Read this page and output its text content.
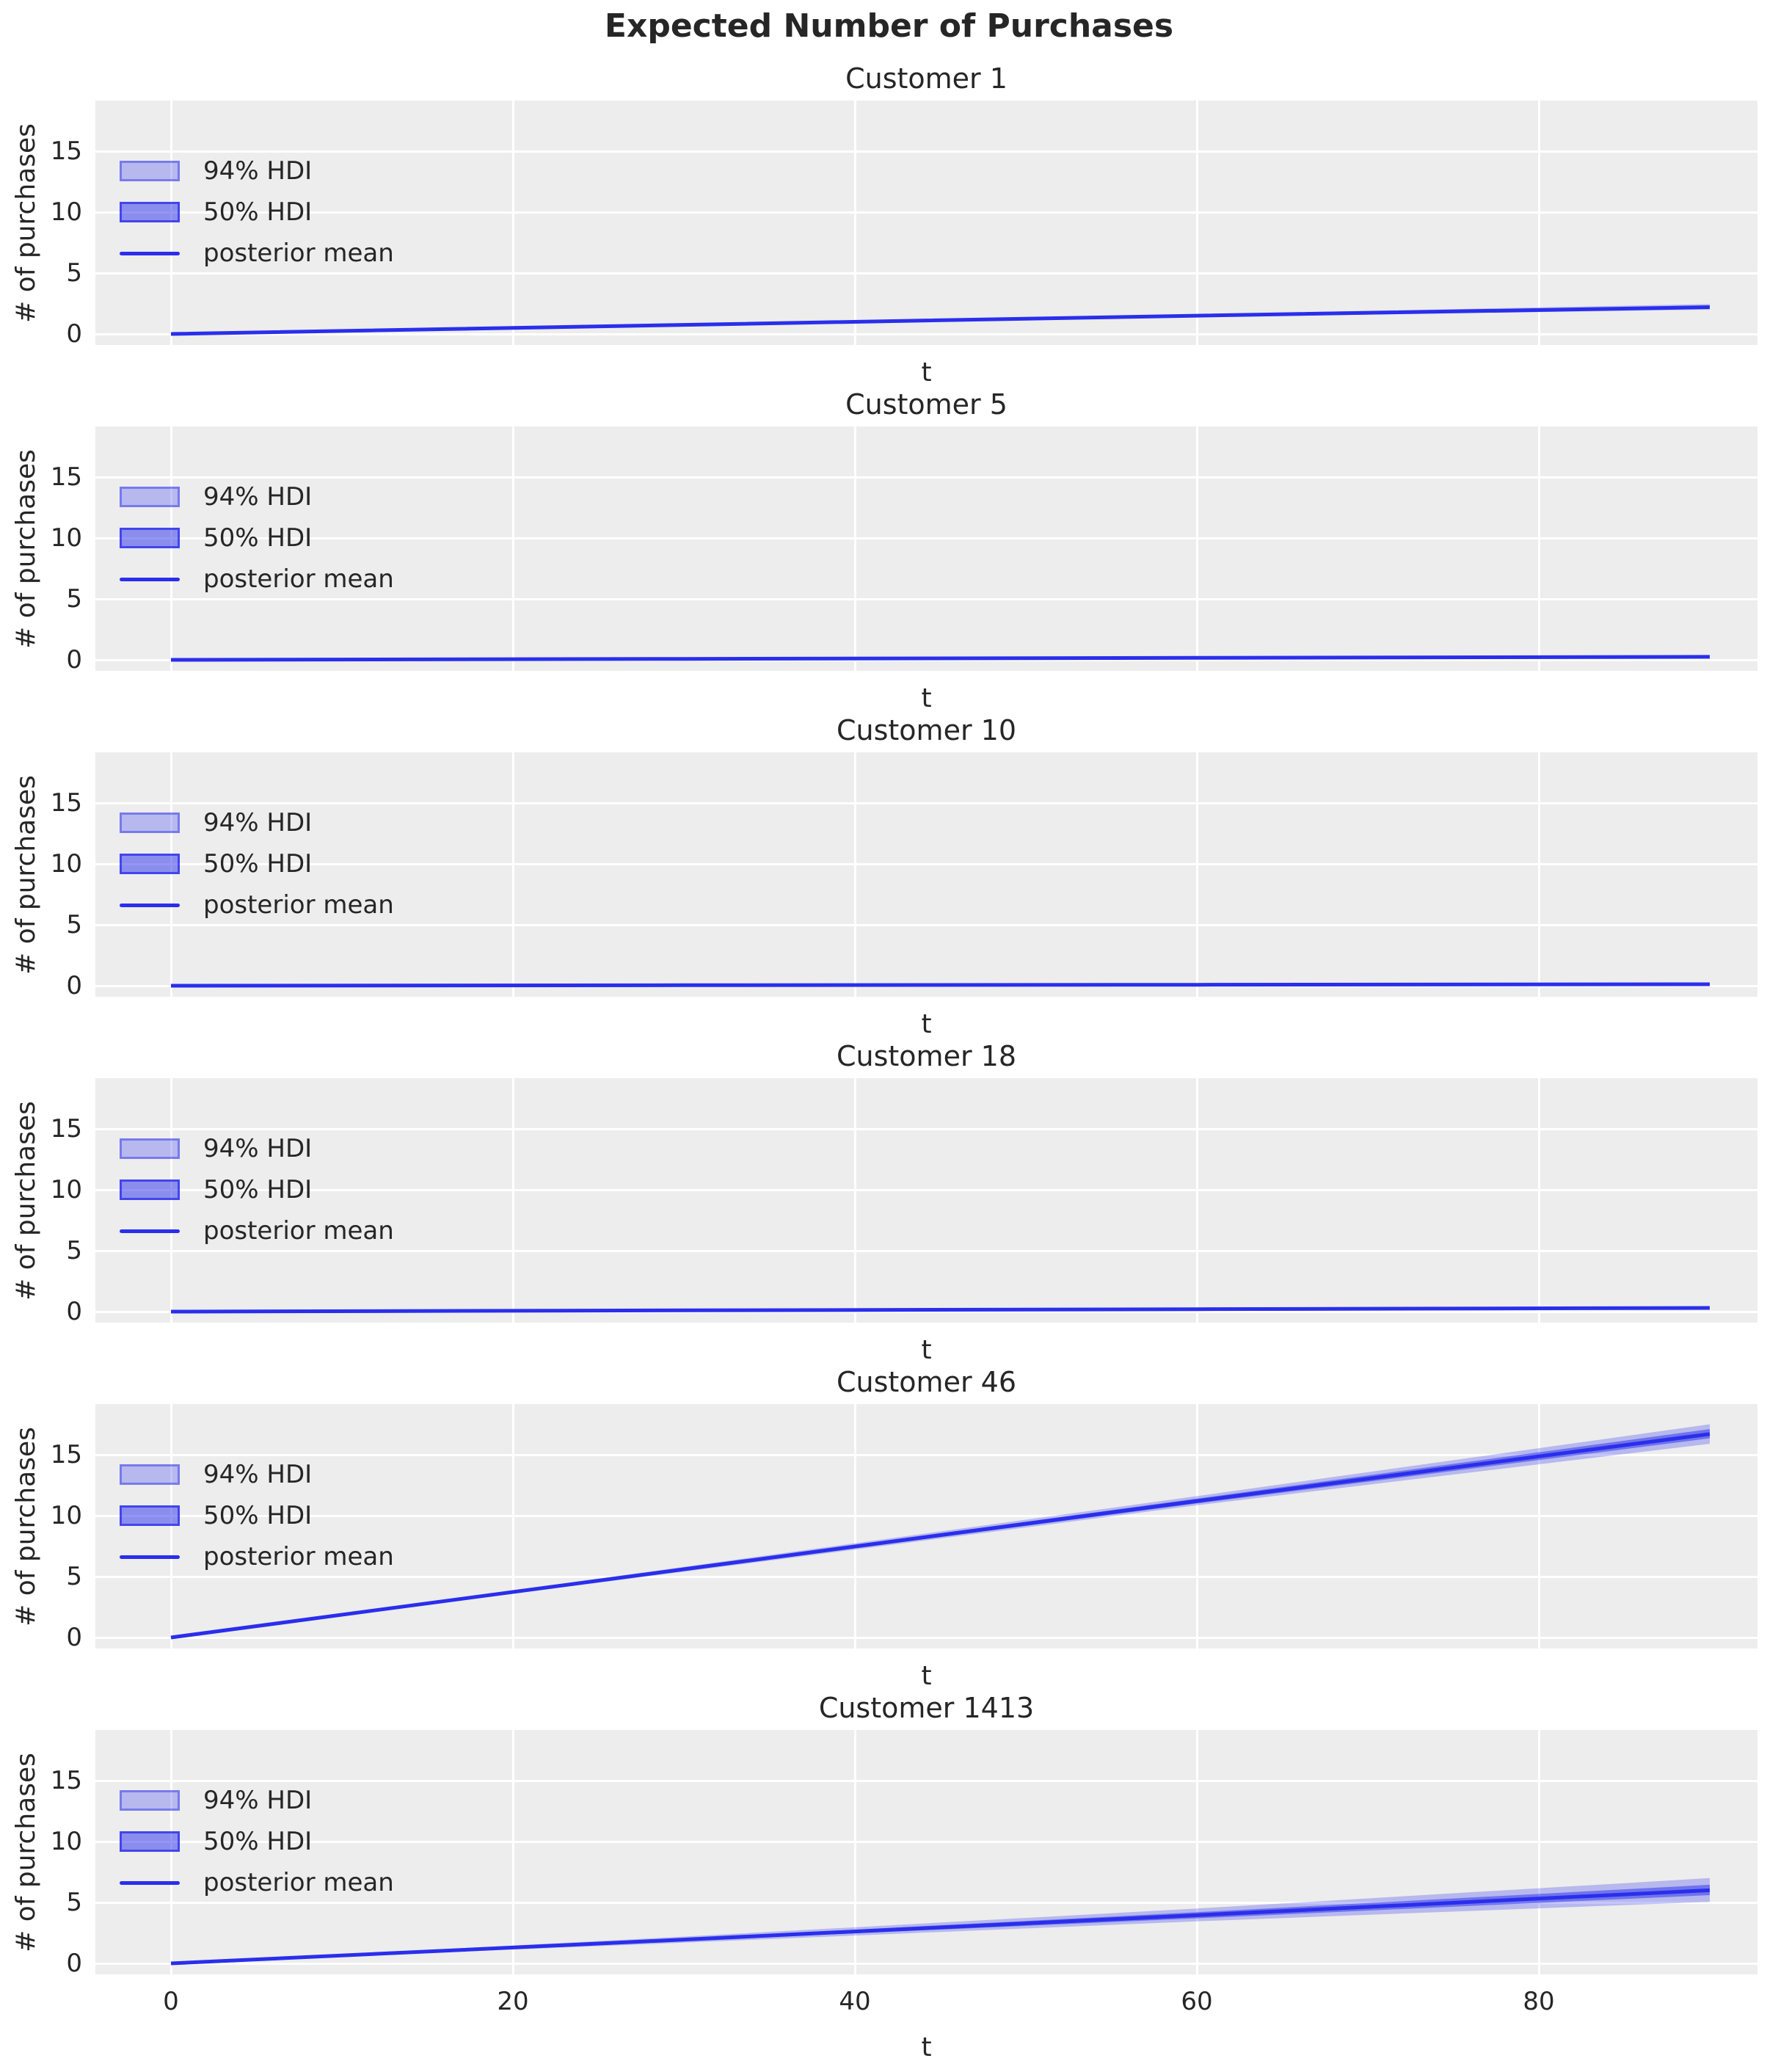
Expected Number of Purchases
Customer 1
# of purchases	94% HDI
50% HDI
posterior mean
t
0
5
10
15
Customer 5
# of purchases	94% HDI
50% HDI
posterior mean
t
0
5
10
15
Customer 10
# of purchases	94% HDI
50% HDI
posterior mean
t
0
5
10
15
Customer 18
# of purchases	94% HDI
50% HDI
posterior mean
t
0
5
10
15
Customer 46
# of purchases	94% HDI
50% HDI
posterior mean
t
0
5
10
15
Customer 1413
# of purchases	94% HDI
50% HDI
posterior mean
t
0
5
10
15
0	20	40	60	80
